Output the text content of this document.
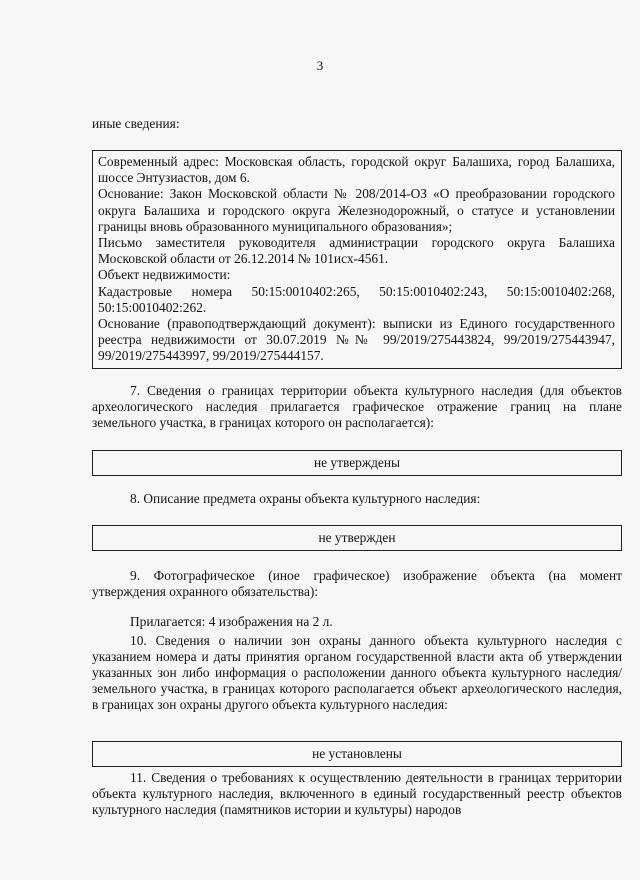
3

иные сведения:

Современный адрес: Московская область, городской округ Балашиха, город Балашиха, шоссе Энтузиастов, дом 6.

Основание: Закон Московской области № 208/2014-ОЗ «О преобразовании городского округа Балашиха и городского округа Железнодорожный, о статусе и установлении границы вновь образованного муниципального образования»;

Письмо заместителя руководителя администрации городского округа Балашиха Московской области от 26.12.2014 № 101исх-4561.

Объект недвижимости:

Кадастровые номера 50:15:0010402:265, 50:15:0010402:243, 50:15:0010402:268, 50:15:0010402:262.

Основание (правоподтверждающий документ): выписки из Единого государственного реестра недвижимости от 30.07.2019 №№ 99/2019/275443824, 99/2019/275443947, 99/2019/275443997, 99/2019/275444157.

7. Сведения о границах территории объекта культурного наследия (для объектов археологического наследия прилагается графическое отражение границ на плане земельного участка, в границах которого он располагается):

не утверждены

8. Описание предмета охраны объекта культурного наследия:

не утвержден

9. Фотографическое (иное графическое) изображение объекта (на момент утверждения охранного обязательства):

Прилагается: 4 изображения на 2 л.

10. Сведения о наличии зон охраны данного объекта культурного наследия с указанием номера и даты принятия органом государственной власти акта об утверждении указанных зон либо информация о расположении данного объекта культурного наследия/земельного участка, в границах которого располагается объект археологического наследия, в границах зон охраны другого объекта культурного наследия:

не установлены

11. Сведения о требованиях к осуществлению деятельности в границах территории объекта культурного наследия, включенного в единый государственный реестр объектов культурного наследия (памятников истории и культуры) народов
